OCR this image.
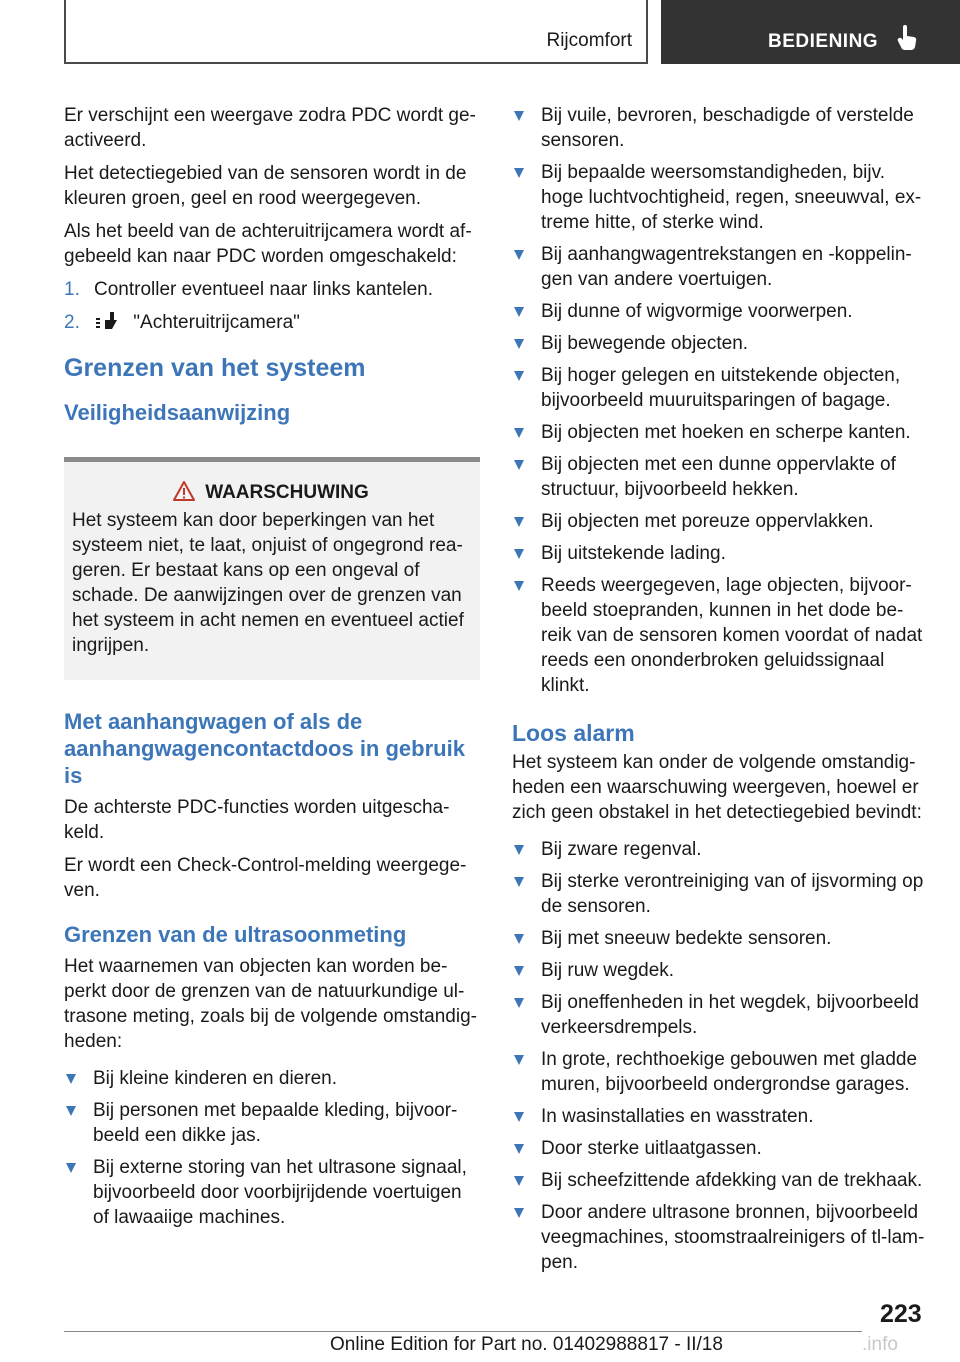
Rijcomfort	BEDIENING

Er verschijnt een weergave zodra PDC wordt ge‐ activeerd.

Het detectiegebied van de sensoren wordt in de kleuren groen, geel en rood weergegeven.

Als het beeld van de achteruitrijcamera wordt af‐ gebeeld kan naar PDC worden omgeschakeld:

1. Controller eventueel naar links kantelen.
2.	"Achteruitrijcamera"
Grenzen van het systeem
Veiligheidsaanwijzing
WAARSCHUWING

Het systeem kan door beperkingen van het systeem niet, te laat, onjuist of ongegrond rea‐ geren. Er bestaat kans op een ongeval of schade. De aanwijzingen over de grenzen van het systeem in acht nemen en eventueel actief ingrijpen.

Met aanhangwagen of als de aanhangwagencontactdoos in gebruik is

De achterste PDC-functies worden uitgescha‐ keld.

Er wordt een Check-Control-melding weergege‐ ven.

Grenzen van de ultrasoonmeting

Het waarnemen van objecten kan worden be‐ perkt door de grenzen van de natuurkundige ul‐ trasone meting, zoals bij de volgende omstandig‐ heden:

Bij kleine kinderen en dieren.
Bij personen met bepaalde kleding, bijvoor‐ beeld een dikke jas.
Bij externe storing van het ultrasone signaal, bijvoorbeeld door voorbijrijdende voertuigen of lawaaiige machines.
Bij vuile, bevroren, beschadigde of verstelde sensoren.
Bij bepaalde weersomstandigheden, bijv. hoge luchtvochtigheid, regen, sneeuwval, ex‐ treme hitte, of sterke wind.
Bij aanhangwagentrekstangen en -koppelin‐ gen van andere voertuigen.
Bij dunne of wigvormige voorwerpen.
Bij bewegende objecten.
Bij hoger gelegen en uitstekende objecten, bijvoorbeeld muuruitsparingen of bagage.
Bij objecten met hoeken en scherpe kanten.
Bij objecten met een dunne oppervlakte of structuur, bijvoorbeeld hekken.
Bij objecten met poreuze oppervlakken.
Bij uitstekende lading.
Reeds weergegeven, lage objecten, bijvoor‐ beeld stoepranden, kunnen in het dode be‐ reik van de sensoren komen voordat of nadat reeds een ononderbroken geluidssignaal klinkt.
Loos alarm

Het systeem kan onder de volgende omstandig‐ heden een waarschuwing weergeven, hoewel er zich geen obstakel in het detectiegebied bevindt:

Bij zware regenval.
Bij sterke verontreiniging van of ijsvorming op de sensoren.
Bij met sneeuw bedekte sensoren.
Bij ruw wegdek.
Bij oneffenheden in het wegdek, bijvoorbeeld verkeersdrempels.
In grote, rechthoekige gebouwen met gladde muren, bijvoorbeeld ondergrondse garages.
In wasinstallaties en wasstraten.
Door sterke uitlaatgassen.
Bij scheefzittende afdekking van de trekhaak.
Door andere ultrasone bronnen, bijvoorbeeld veegmachines, stoomstraalreinigers of tl-lam‐ pen.
223
Online Edition for Part no. 01402988817 - II/18	.info
